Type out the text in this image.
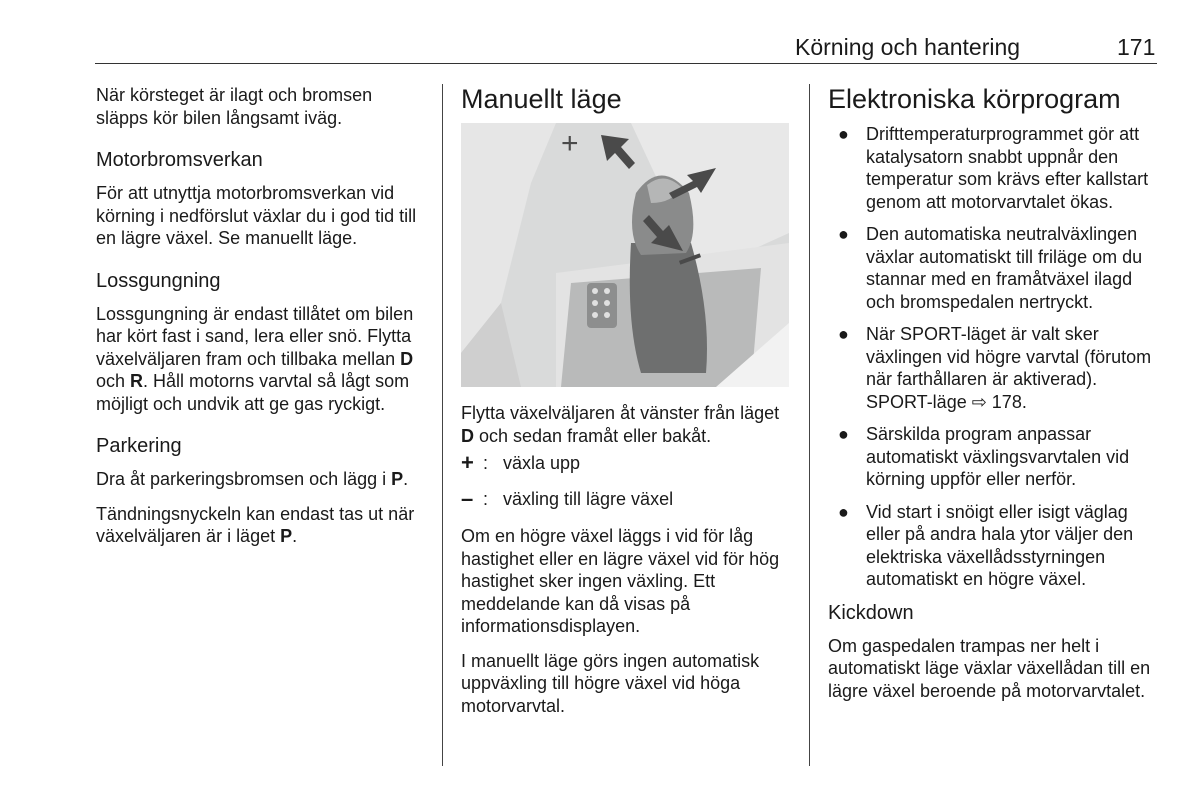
Körning och hantering	171

När körsteget är ilagt och bromsen släpps kör bilen långsamt iväg.

Motorbromsverkan

För att utnyttja motorbromsverkan vid körning i nedförslut växlar du i god tid till en lägre växel. Se manuellt läge.

Lossgungning

Lossgungning är endast tillåtet om bilen har kört fast i sand, lera eller snö. Flytta växelväljaren fram och tillbaka mellan D och R. Håll motorns varvtal så lågt som möjligt och undvik att ge gas ryckigt.

Parkering

Dra åt parkeringsbromsen och lägg i P.

Tändningsnyckeln kan endast tas ut när växelväljaren är i läget P.

Manuellt läge
+

Flytta växelväljaren åt vänster från läget D och sedan framåt eller bakåt.

+ : växla upp
– : växling till lägre växel

Om en högre växel läggs i vid för låg hastighet eller en lägre växel vid för hög hastighet sker ingen växling. Ett meddelande kan då visas på informationsdisplayen.

I manuellt läge görs ingen automatisk uppväxling till högre växel vid höga motorvarvtal.

Elektroniska körprogram
● Drifttemperaturprogrammet gör att katalysatorn snabbt uppnår den temperatur som krävs efter kallstart genom att motorvarvtalet ökas.
● Den automatiska neutralväxlingen växlar automatiskt till friläge om du stannar med en framåtväxel ilagd och bromspedalen nertryckt.
● När SPORT-läget är valt sker växlingen vid högre varvtal (förutom när farthållaren är aktiverad). SPORT-läge ⇨ 178.
● Särskilda program anpassar automatiskt växlingsvarvtalen vid körning uppför eller nerför.
● Vid start i snöigt eller isigt väglag eller på andra hala ytor väljer den elektriska växellådsstyrningen automatiskt en högre växel.
Kickdown

Om gaspedalen trampas ner helt i automatiskt läge växlar växellådan till en lägre växel beroende på motorvarvtalet.
